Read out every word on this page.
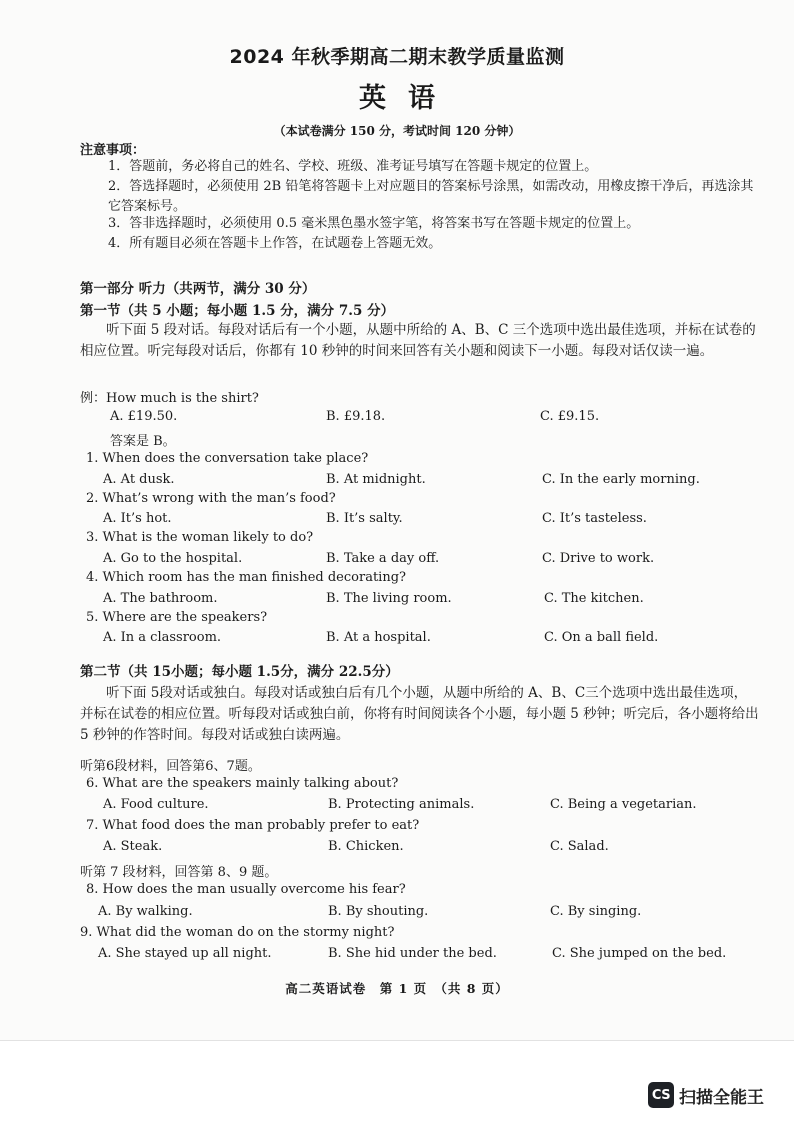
2024 年秋季期高二期末教学质量监测
英语
（本试卷满分 150 分，考试时间 120 分钟）
注意事项：
1．答题前，务必将自己的姓名、学校、班级、准考证号填写在答题卡规定的位置上。
2．答选择题时，必须使用 2B 铅笔将答题卡上对应题目的答案标号涂黑，如需改动，用橡皮擦干净后，再选涂其它答案标号。
3．答非选择题时，必须使用 0.5 毫米黑色墨水签字笔，将答案书写在答题卡规定的位置上。
4．所有题目必须在答题卡上作答，在试题卷上答题无效。
第一部分 听力（共两节，满分 30 分）
第一节（共 5 小题；每小题 1.5 分，满分 7.5 分）
听下面 5 段对话。每段对话后有一个小题，从题中所给的 A、B、C 三个选项中选出最佳选项，并标在试卷的相应位置。听完每段对话后，你都有 10 秒钟的时间来回答有关小题和阅读下一小题。每段对话仅读一遍。
例：How much is the shirt?
A. £19.50.	B. £9.18.	C. £9.15.
答案是 B。
1. When does the conversation take place?
A. At dusk.	B. At midnight.	C. In the early morning.
2. What’s wrong with the man’s food?
A. It’s hot.	B. It’s salty.	C. It’s tasteless.
3. What is the woman likely to do?
A. Go to the hospital.	B. Take a day off.	C. Drive to work.
4. Which room has the man finished decorating?
A. The bathroom.	B. The living room.	C. The kitchen.
5. Where are the speakers?
A. In a classroom.	B. At a hospital.	C. On a ball field.
第二节（共 15小题；每小题 1.5分，满分 22.5分）
听下面 5段对话或独白。每段对话或独白后有几个小题，从题中所给的 A、B、C三个选项中选出最佳选项，并标在试卷的相应位置。听每段对话或独白前，你将有时间阅读各个小题，每小题 5 秒钟；听完后，各小题将给出 5 秒钟的作答时间。每段对话或独白读两遍。
听第6段材料，回答第6、7题。
6. What are the speakers mainly talking about?
A. Food culture.	B. Protecting animals.	C. Being a vegetarian.
7. What food does the man probably prefer to eat?
A. Steak.	B. Chicken.	C. Salad.
听第 7 段材料，回答第 8、9 题。
8. How does the man usually overcome his fear?
A. By walking.	B. By shouting.	C. By singing.
9. What did the woman do on the stormy night?
A. She stayed up all night.	B. She hid under the bed.	C. She jumped on the bed.
高二英语试卷　第 1 页　（共 8 页）
CS 扫描全能王
